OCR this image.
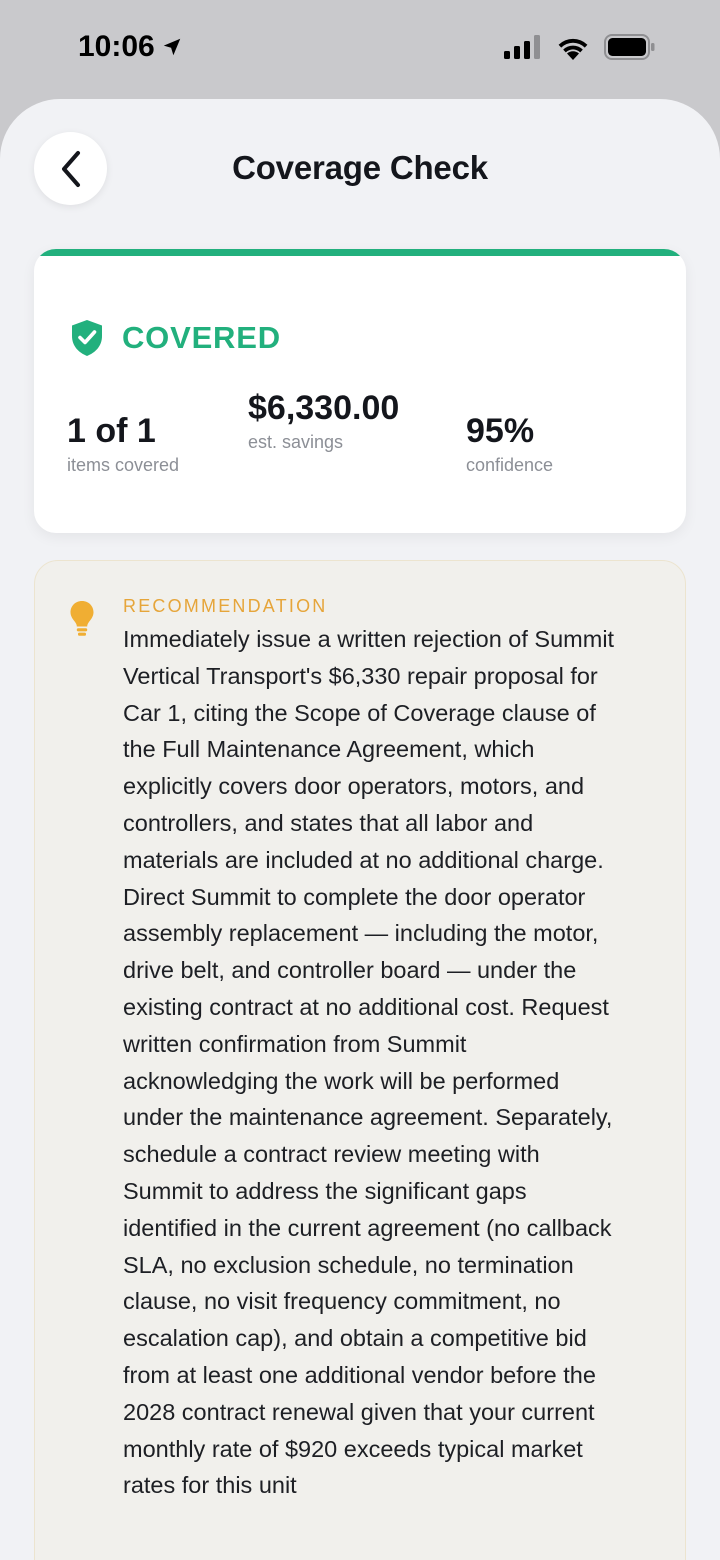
10:06
Coverage Check
COVERED
1 of 1
items covered
$6,330.00
est. savings	95%
confidence
RECOMMENDATION
Immediately issue a written rejection of Summit Vertical Transport's $6,330 repair proposal for Car 1, citing the Scope of Coverage clause of the Full Maintenance Agreement, which explicitly covers door operators, motors, and controllers, and states that all labor and materials are included at no additional charge. Direct Summit to complete the door operator assembly replacement — including the motor, drive belt, and controller board — under the existing contract at no additional cost. Request written confirmation from Summit acknowledging the work will be performed under the maintenance agreement. Separately, schedule a contract review meeting with Summit to address the significant gaps identified in the current agreement (no callback SLA, no exclusion schedule, no termination clause, no visit frequency commitment, no escalation cap), and obtain a competitive bid from at least one additional vendor before the 2028 contract renewal given that your current monthly rate of $920 exceeds typical market rates for this unit
